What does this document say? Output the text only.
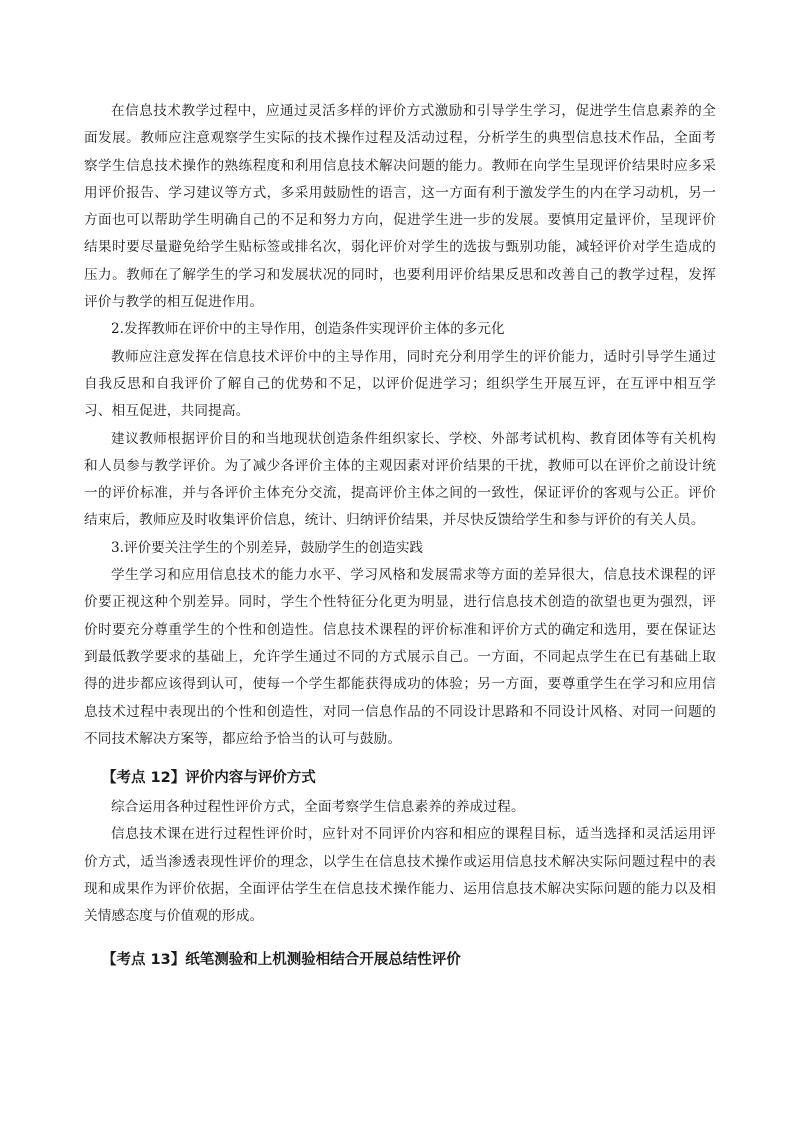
在信息技术教学过程中，应通过灵活多样的评价方式激励和引导学生学习，促进学生信息素养的全面发展。教师应注意观察学生实际的技术操作过程及活动过程，分析学生的典型信息技术作品，全面考察学生信息技术操作的熟练程度和利用信息技术解决问题的能力。教师在向学生呈现评价结果时应多采用评价报告、学习建议等方式，多采用鼓励性的语言，这一方面有利于激发学生的内在学习动机，另一方面也可以帮助学生明确自己的不足和努力方向，促进学生进一步的发展。要慎用定量评价，呈现评价结果时要尽量避免给学生贴标签或排名次，弱化评价对学生的选拔与甄别功能，减轻评价对学生造成的压力。教师在了解学生的学习和发展状况的同时，也要利用评价结果反思和改善自己的教学过程，发挥评价与教学的相互促进作用。

2.发挥教师在评价中的主导作用，创造条件实现评价主体的多元化

教师应注意发挥在信息技术评价中的主导作用，同时充分利用学生的评价能力，适时引导学生通过自我反思和自我评价了解自己的优势和不足，以评价促进学习；组织学生开展互评，在互评中相互学习、相互促进，共同提高。

建议教师根据评价目的和当地现状创造条件组织家长、学校、外部考试机构、教育团体等有关机构和人员参与教学评价。为了减少各评价主体的主观因素对评价结果的干扰，教师可以在评价之前设计统一的评价标准，并与各评价主体充分交流，提高评价主体之间的一致性，保证评价的客观与公正。评价结束后，教师应及时收集评价信息，统计、归纳评价结果，并尽快反馈给学生和参与评价的有关人员。

3.评价要关注学生的个别差异，鼓励学生的创造实践

学生学习和应用信息技术的能力水平、学习风格和发展需求等方面的差异很大，信息技术课程的评价要正视这种个别差异。同时，学生个性特征分化更为明显，进行信息技术创造的欲望也更为强烈，评价时要充分尊重学生的个性和创造性。信息技术课程的评价标准和评价方式的确定和选用，要在保证达到最低教学要求的基础上，允许学生通过不同的方式展示自己。一方面，不同起点学生在已有基础上取得的进步都应该得到认可，使每一个学生都能获得成功的体验；另一方面，要尊重学生在学习和应用信息技术过程中表现出的个性和创造性，对同一信息作品的不同设计思路和不同设计风格、对同一问题的不同技术解决方案等，都应给予恰当的认可与鼓励。

【考点 12】评价内容与评价方式

综合运用各种过程性评价方式，全面考察学生信息素养的养成过程。

信息技术课在进行过程性评价时，应针对不同评价内容和相应的课程目标，适当选择和灵活运用评价方式，适当渗透表现性评价的理念，以学生在信息技术操作或运用信息技术解决实际问题过程中的表现和成果作为评价依据，全面评估学生在信息技术操作能力、运用信息技术解决实际问题的能力以及相关情感态度与价值观的形成。

【考点 13】纸笔测验和上机测验相结合开展总结性评价
